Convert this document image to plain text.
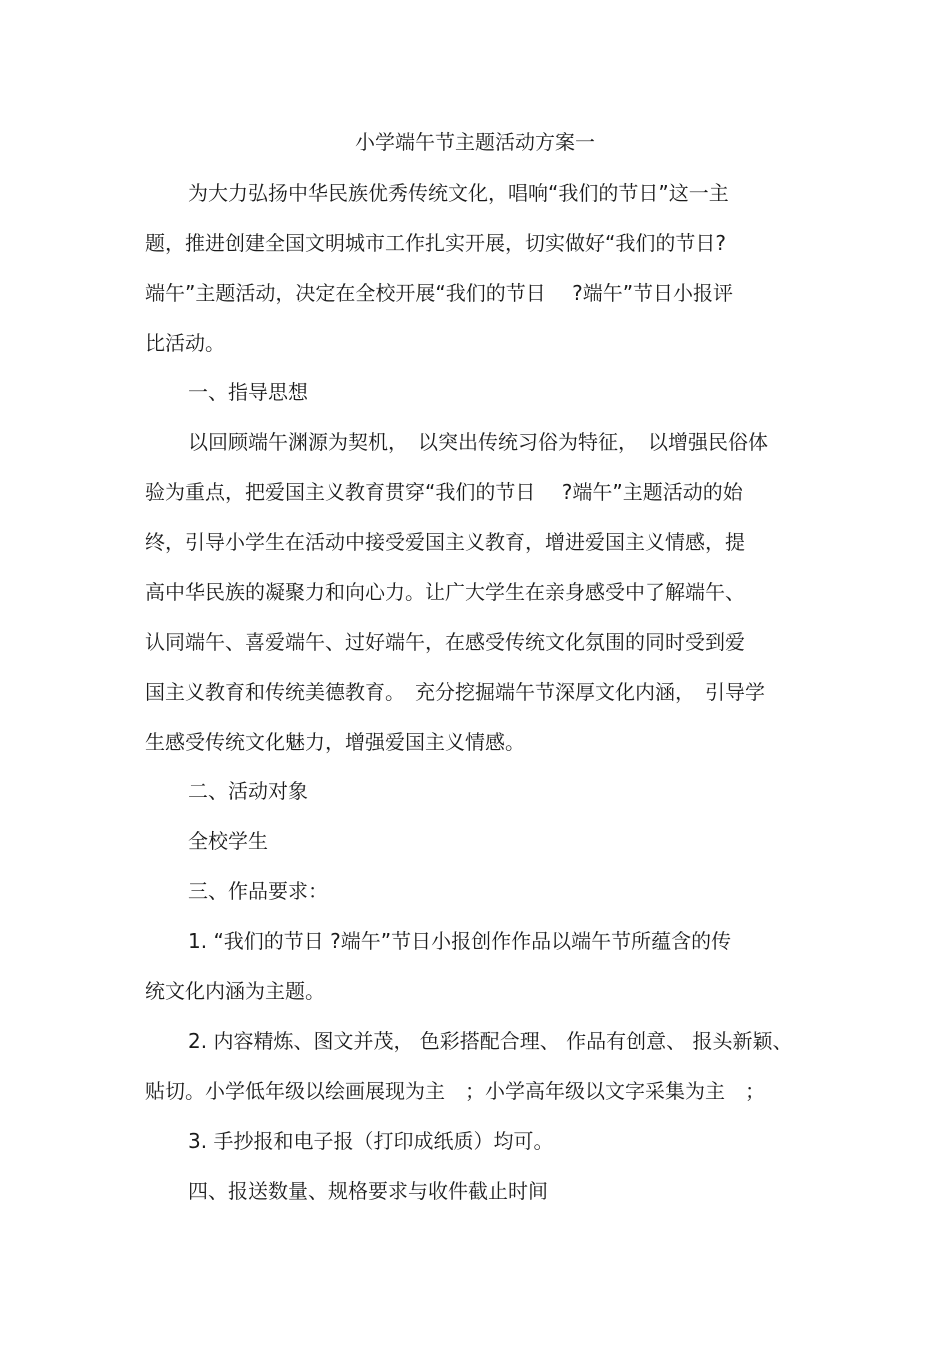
小学端午节主题活动方案一
为大力弘扬中华民族优秀传统文化，唱响“我们的节日”这一主
题，推进创建全国文明城市工作扎实开展，切实做好“我们的节日?
端午”主题活动，决定在全校开展“我们的节日　 ?端午”节日小报评
比活动。
一、指导思想
以回顾端午渊源为契机，　以突出传统习俗为特征，　以增强民俗体
验为重点，把爱国主义教育贯穿“我们的节日　 ?端午”主题活动的始
终，引导小学生在活动中接受爱国主义教育，增进爱国主义情感，提
高中华民族的凝聚力和向心力。让广大学生在亲身感受中了解端午、
认同端午、喜爱端午、过好端午，在感受传统文化氛围的同时受到爱
国主义教育和传统美德教育。　充分挖掘端午节深厚文化内涵，　引导学
生感受传统文化魅力，增强爱国主义情感。
二、活动对象
全校学生
三、作品要求：
1. “我们的节日 ?端午”节日小报创作作品以端午节所蕴含的传
统文化内涵为主题。
2. 内容精炼、图文并茂， 色彩搭配合理、 作品有创意、 报头新颖、
贴切。小学低年级以绘画展现为主　；小学高年级以文字采集为主　；
3. 手抄报和电子报（打印成纸质）均可。
四、报送数量、规格要求与收件截止时间
